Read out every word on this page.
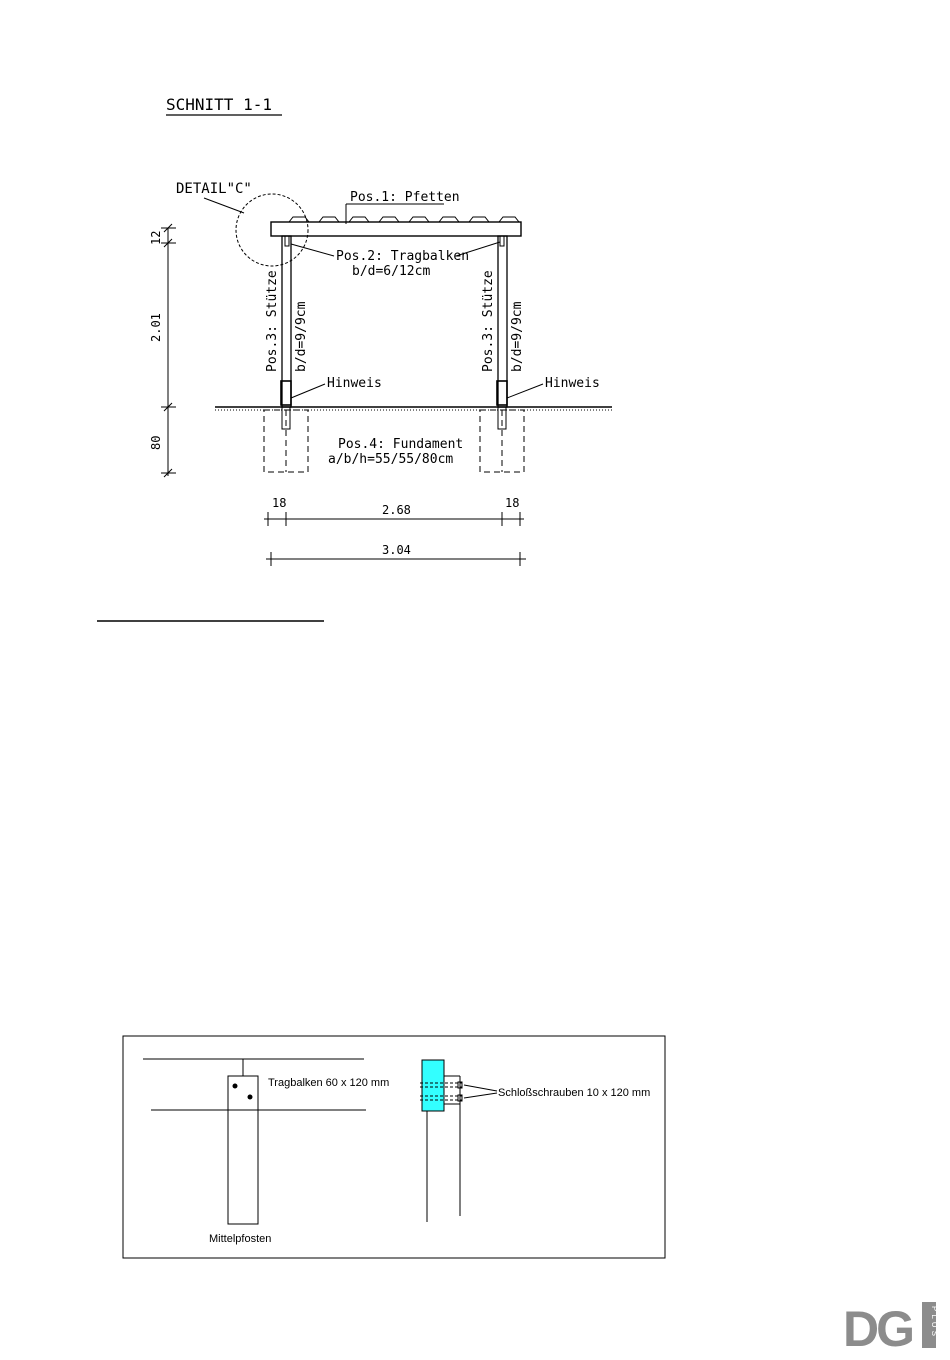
SCHNITT 1-1
DETAIL"C"
Pos.1: Pfetten
Pos.2: Tragbalken
b/d=6/12cm
Pos.3: Stütze b/d=9/9cm	Pos.3: Stütze b/d=9/9cm
Hinweis	Hinweis
Pos.4: Fundament
a/b/h=55/55/80cm
12
2.01
80
18	2.68	18
3.04
Tragbalken 60 x 120 mm
Mittelpfosten
Schloßschrauben 10 x 120 mm
DG PLUS
